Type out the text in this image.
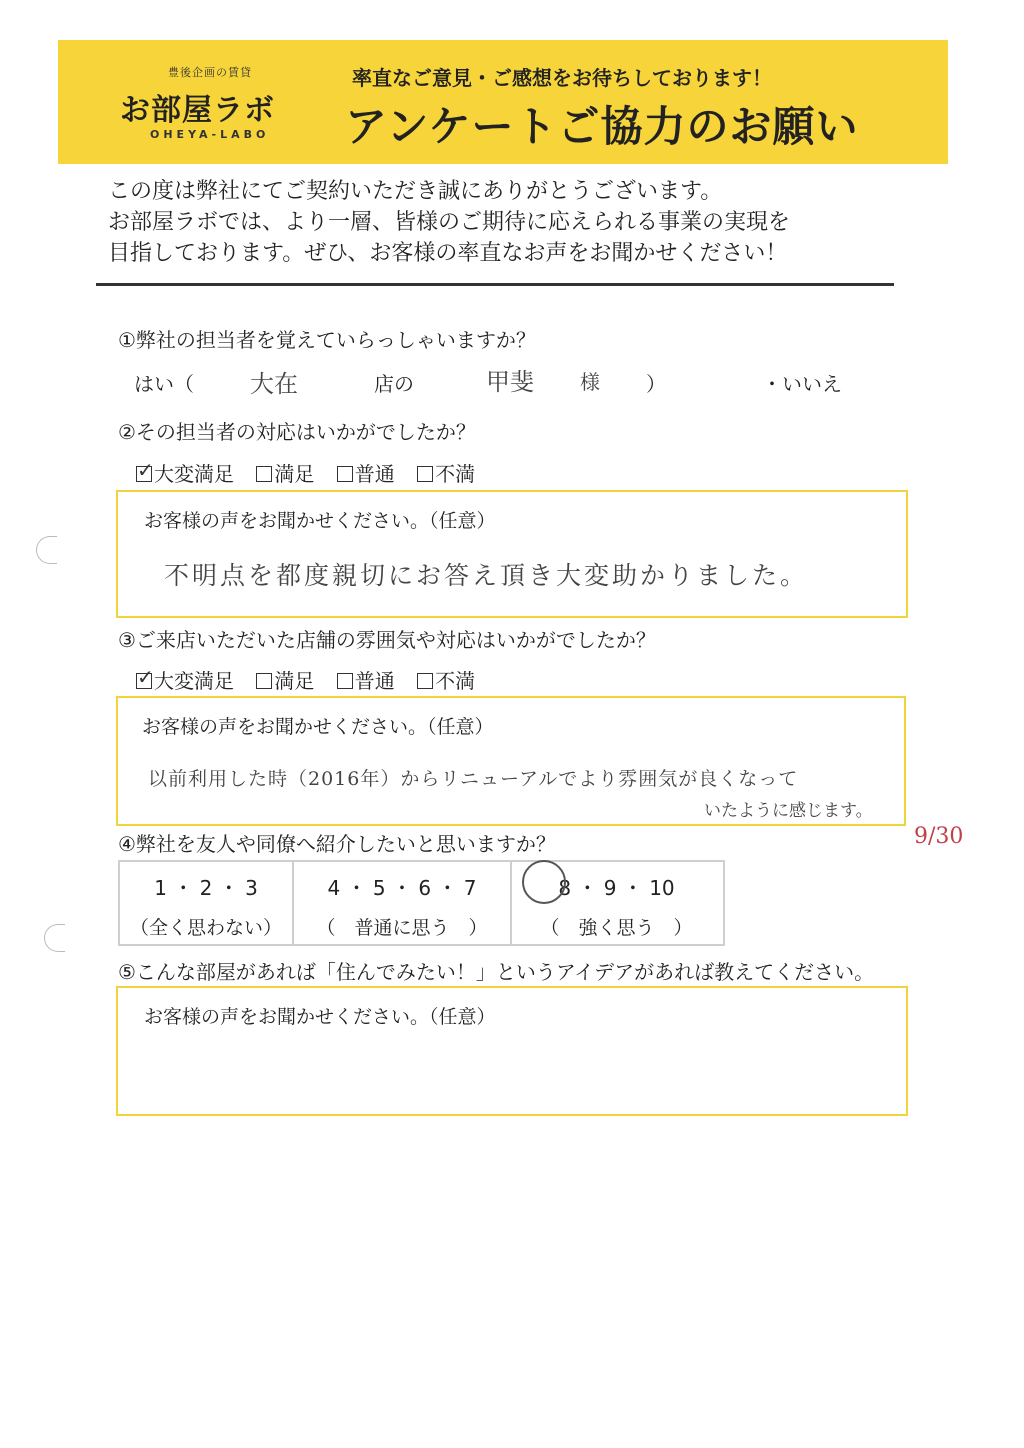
豊後企画の賃貸
お部屋ラボ
OHEYA-LABO
率直なご意見・ご感想をお待ちしております！
アンケートご協力のお願い
この度は弊社にてご契約いただき誠にありがとうございます。
お部屋ラボでは、より一層、皆様のご期待に応えられる事業の実現を
目指しております。ぜひ、お客様の率直なお声をお聞かせください！
①弊社の担当者を覚えていらっしゃいますか？
はい（ 大在	店の	甲斐 様 ）	・いいえ
②その担当者の対応はいかがでしたか？
✓大変満足 満足 普通 不満
お客様の声をお聞かせください。（任意）
不明点を都度親切にお答え頂き大変助かりました。
③ご来店いただいた店舗の雰囲気や対応はいかがでしたか？
✓大変満足 満足 普通 不満
お客様の声をお聞かせください。（任意）
以前利用した時（2016年）からリニューアルでより雰囲気が良くなって
いたように感じます。
9/30
④弊社を友人や同僚へ紹介したいと思いますか？
1 ・ 2 ・ 3
（全く思わない）
4 ・ 5 ・ 6 ・ 7
（　普通に思う　）
8 ・ 9 ・ 10
（　強く思う　）
⑤こんな部屋があれば「住んでみたい！」というアイデアがあれば教えてください。
お客様の声をお聞かせください。（任意）
